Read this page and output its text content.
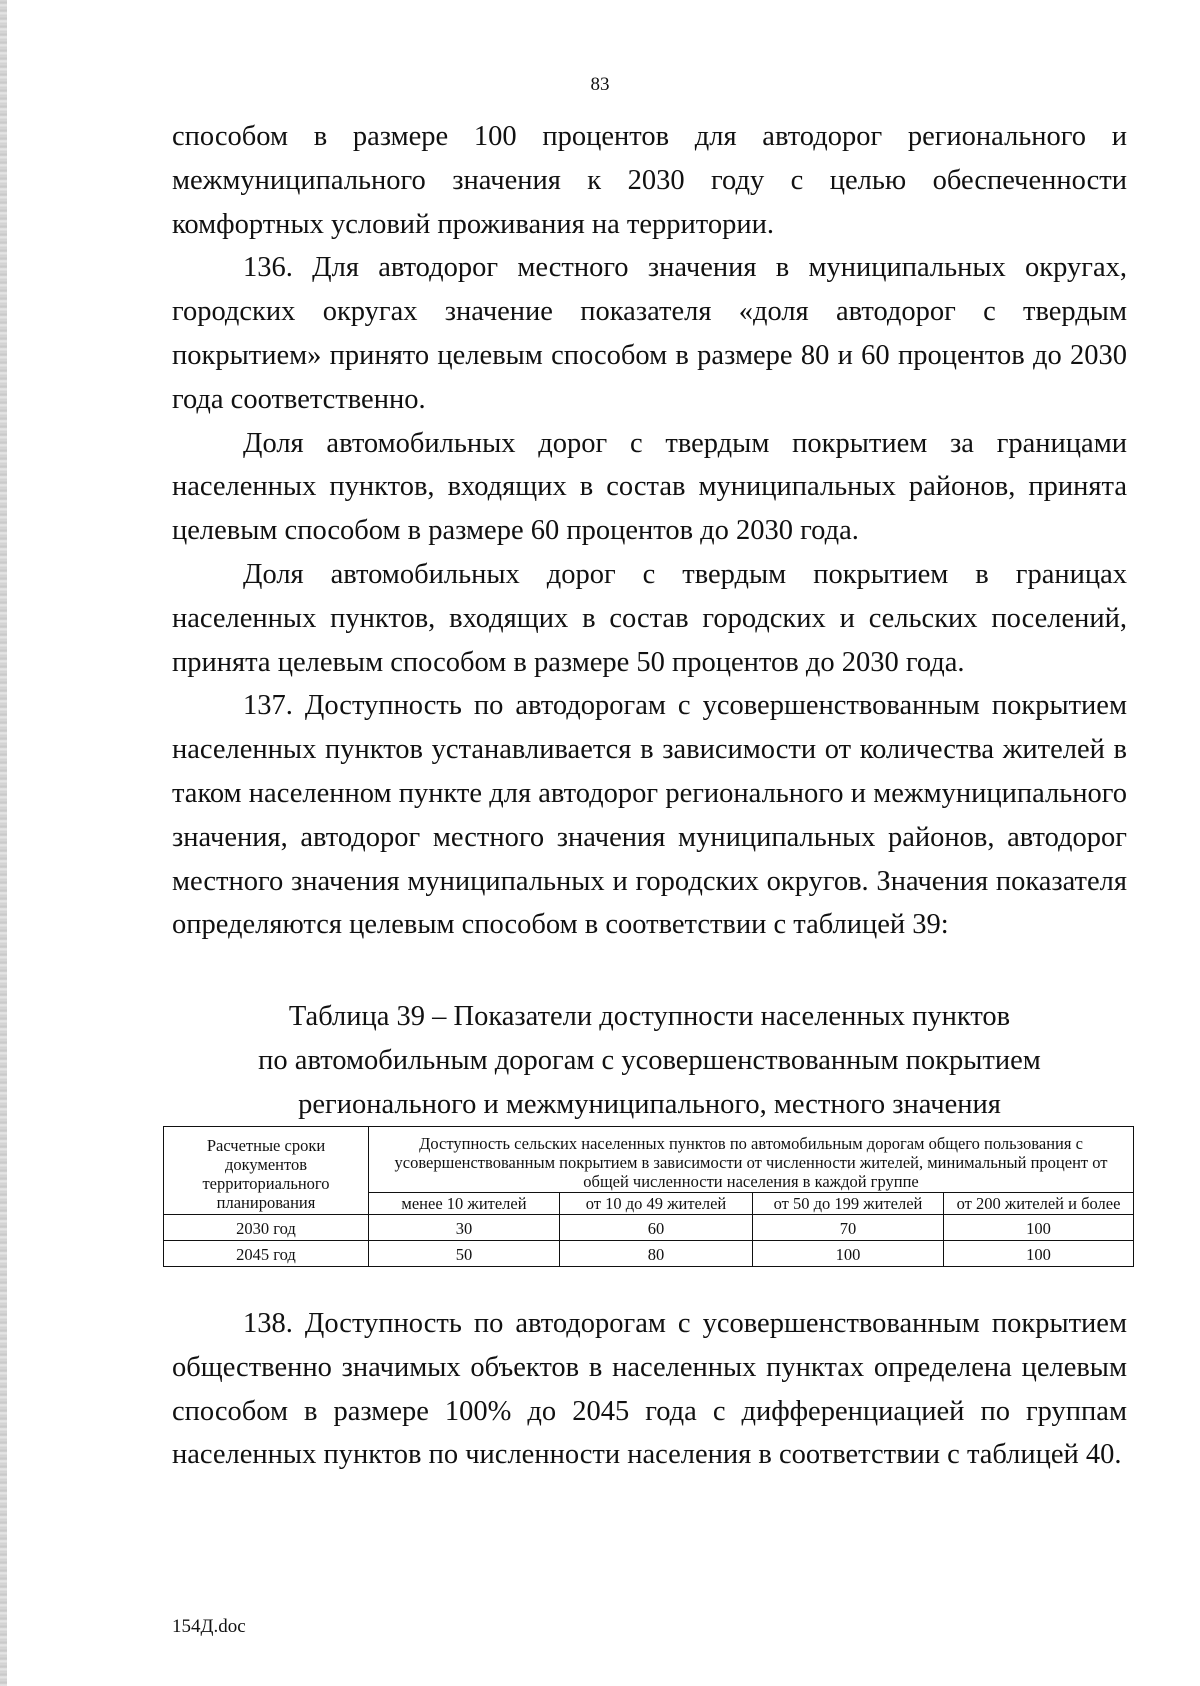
83

способом в размере 100 процентов для автодорог регионального и межмуниципального значения к 2030 году с целью обеспеченности комфортных условий проживания на территории.

136. Для автодорог местного значения в муниципальных округах, городских округах значение показателя «доля автодорог с твердым покрытием» принято целевым способом в размере 80 и 60 процентов до 2030 года соответственно.

Доля автомобильных дорог с твердым покрытием за границами населенных пунктов, входящих в состав муниципальных районов, принята целевым способом в размере 60 процентов до 2030 года.

Доля автомобильных дорог с твердым покрытием в границах населенных пунктов, входящих в состав городских и сельских поселений, принята целевым способом в размере 50 процентов до 2030 года.

137. Доступность по автодорогам с усовершенствованным покрытием населенных пунктов устанавливается в зависимости от количества жителей в таком населенном пункте для автодорог регионального и межмуниципального значения, автодорог местного значения муниципальных районов, автодорог местного значения муниципальных и городских округов. Значения показателя определяются целевым способом в соответствии с таблицей 39:

Таблица 39 – Показатели доступности населенных пунктов
по автомобильным дорогам с усовершенствованным покрытием
регионального и межмуниципального, местного значения
Расчетные сроки документов территориального планирования	Доступность сельских населенных пунктов по автомобильным дорогам общего пользования с усовершенствованным покрытием в зависимости от численности жителей, минимальный процент от общей численности населения в каждой группе			
	менее 10 жителей	от 10 до 49 жителей	от 50 до 199 жителей	от 200 жителей и более
2030 год	30	60	70	100
2045 год	50	80	100	100

138. Доступность по автодорогам с усовершенствованным покрытием общественно значимых объектов в населенных пунктах определена целевым способом в размере 100% до 2045 года с дифференциацией по группам населенных пунктов по численности населения в соответствии с таблицей 40.

154Д.doc
